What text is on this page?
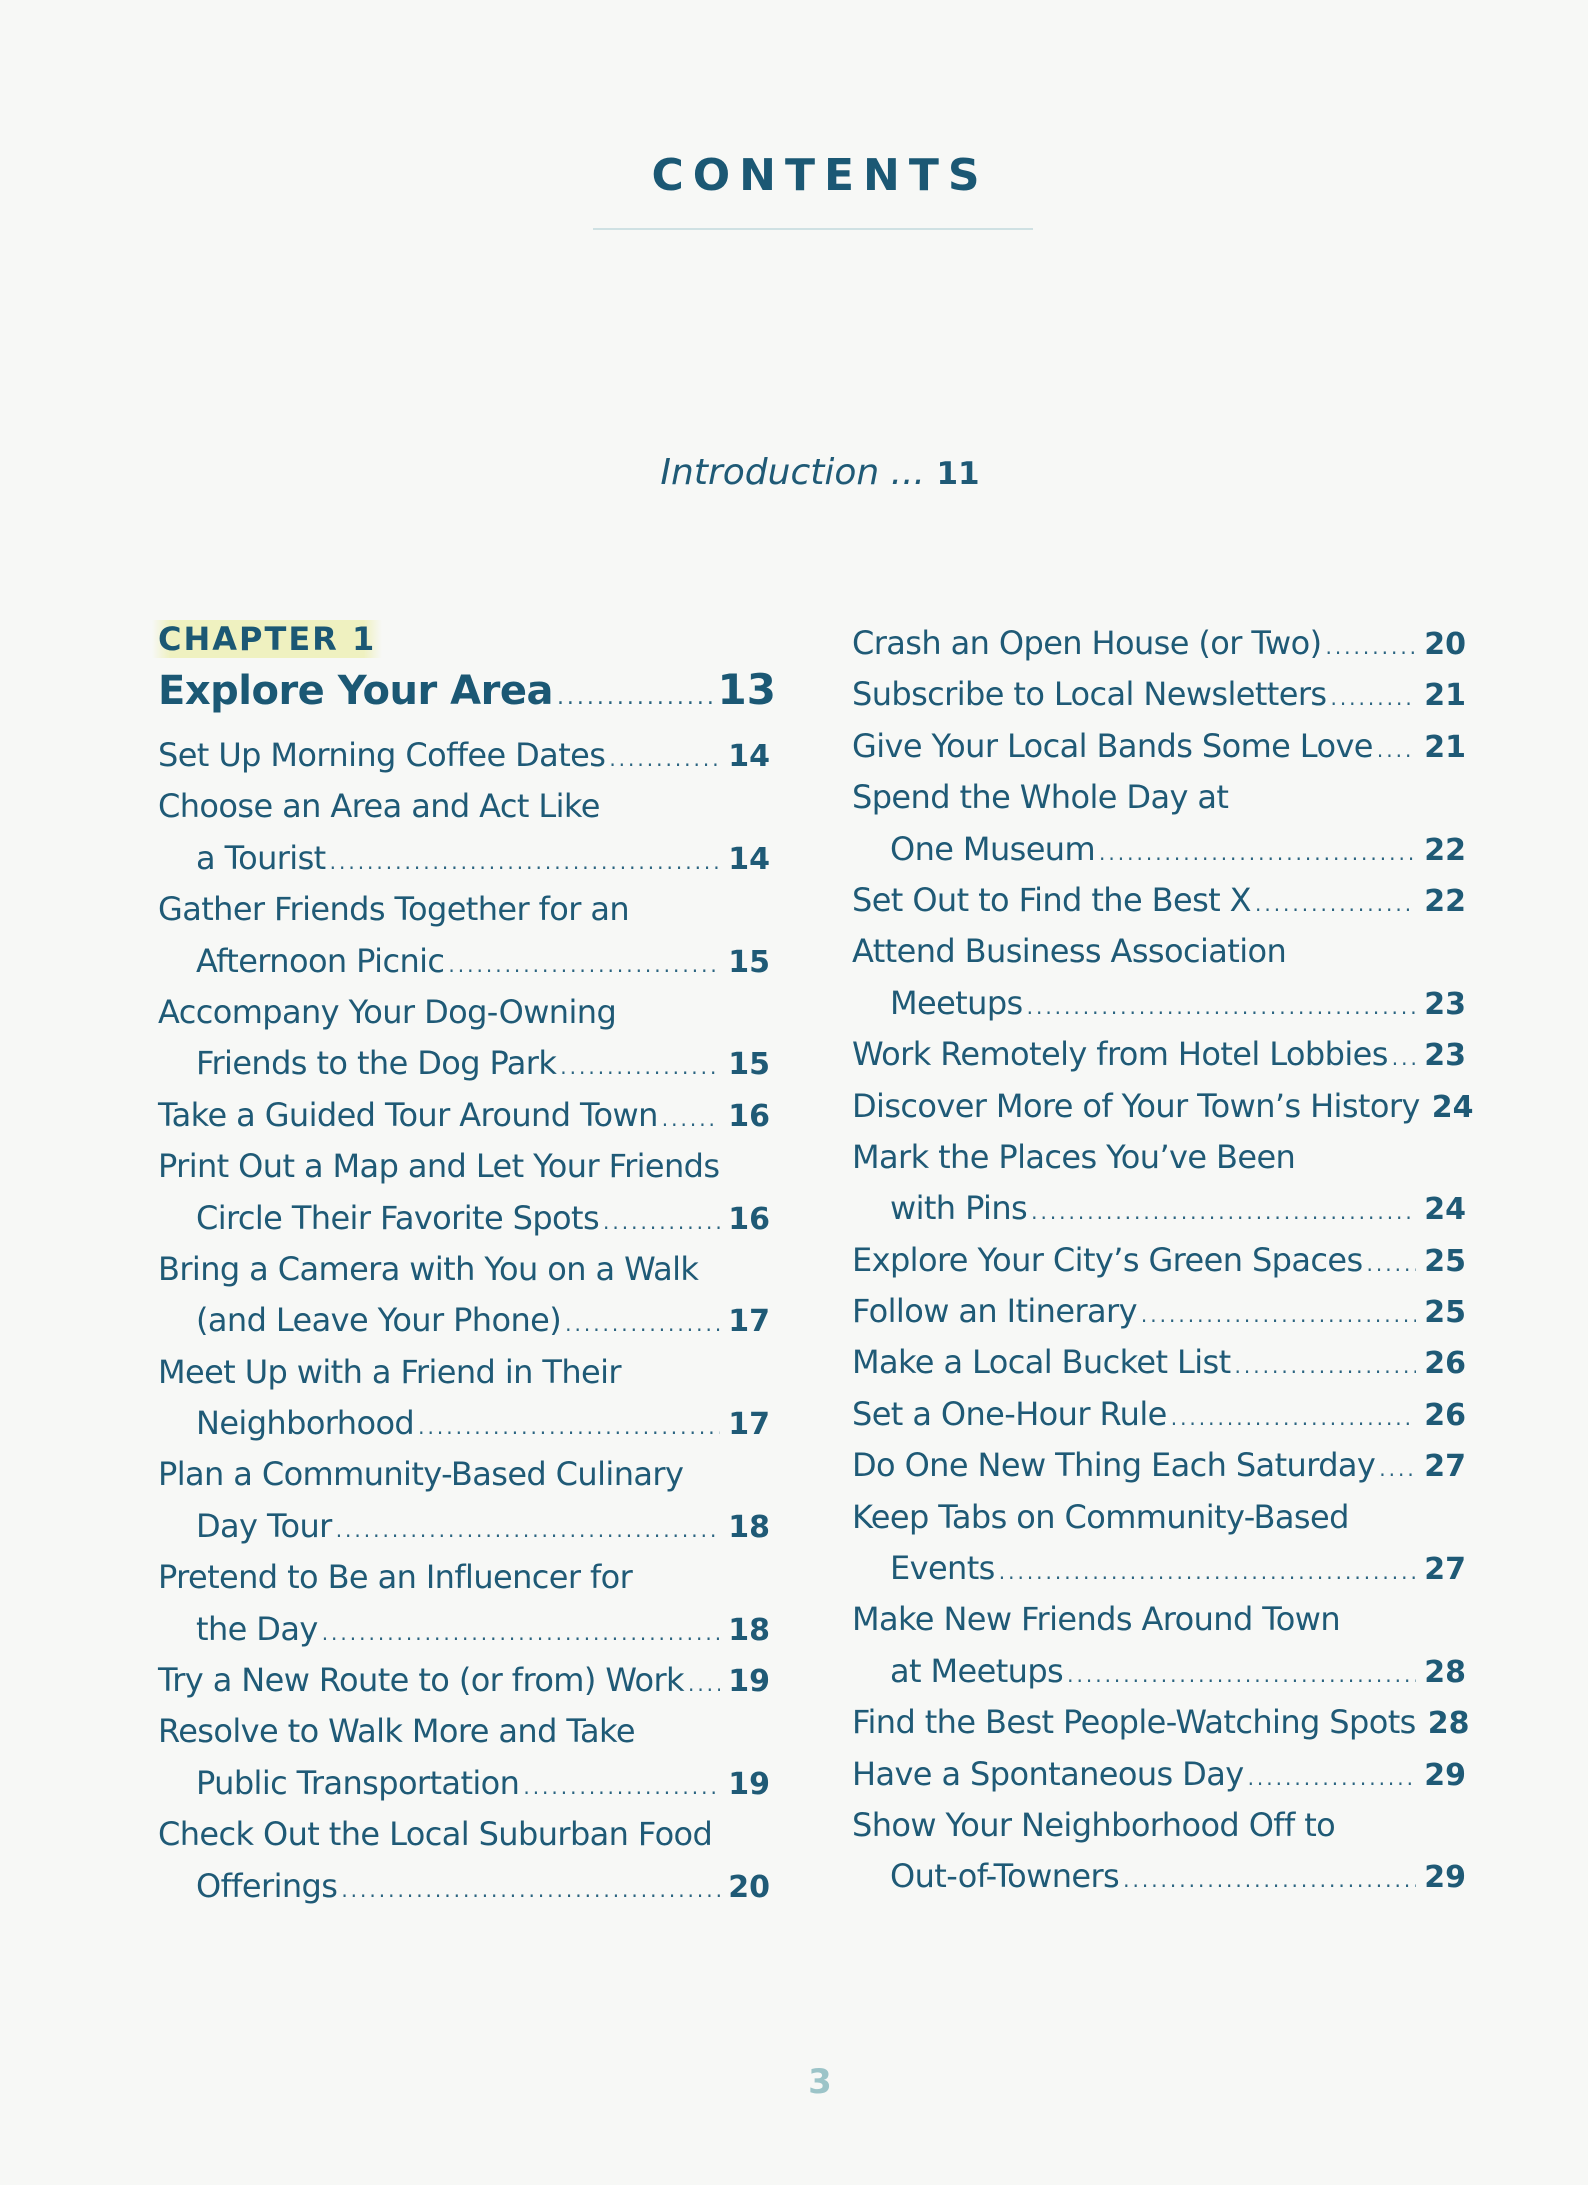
CONTENTS
Introduction ... 11
CHAPTER 1
Explore Your Area .....	13
Set Up Morning Coffee Dates .....	14
Choose an Area and Act Like
a Tourist .....	14
Gather Friends Together for an
Afternoon Picnic .....	15
Accompany Your Dog-Owning
Friends to the Dog Park .....	15
Take a Guided Tour Around Town ..... 16
Print Out a Map and Let Your Friends
Circle Their Favorite Spots .....	16
Bring a Camera with You on a Walk
(and Leave Your Phone) .....	17
Meet Up with a Friend in Their
Neighborhood .....	17
Plan a Community-Based Culinary
Day Tour .....	18
Pretend to Be an Influencer for
the Day .....	18
Try a New Route to (or from) Work ..... 19
Resolve to Walk More and Take
Public Transportation .....	19
Check Out the Local Suburban Food
Offerings .....	20
Crash an Open House (or Two) .....	20
Subscribe to Local Newsletters .....	21
Give Your Local Bands Some Love ..... 21
Spend the Whole Day at
One Museum .....	22
Set Out to Find the Best X .....	22
Attend Business Association
Meetups .....	23
Work Remotely from Hotel Lobbies ..... 23
Discover More of Your Town’s History 24
Mark the Places You’ve Been
with Pins .....	24
Explore Your City’s Green Spaces ..... 25
Follow an Itinerary .....	25
Make a Local Bucket List .....	26
Set a One-Hour Rule .....	26
Do One New Thing Each Saturday ..... 27
Keep Tabs on Community-Based
Events .....	27
Make New Friends Around Town
at Meetups .....	28
Find the Best People-Watching Spots 28
Have a Spontaneous Day .....	29
Show Your Neighborhood Off to
Out-of-Towners .....	29
3
